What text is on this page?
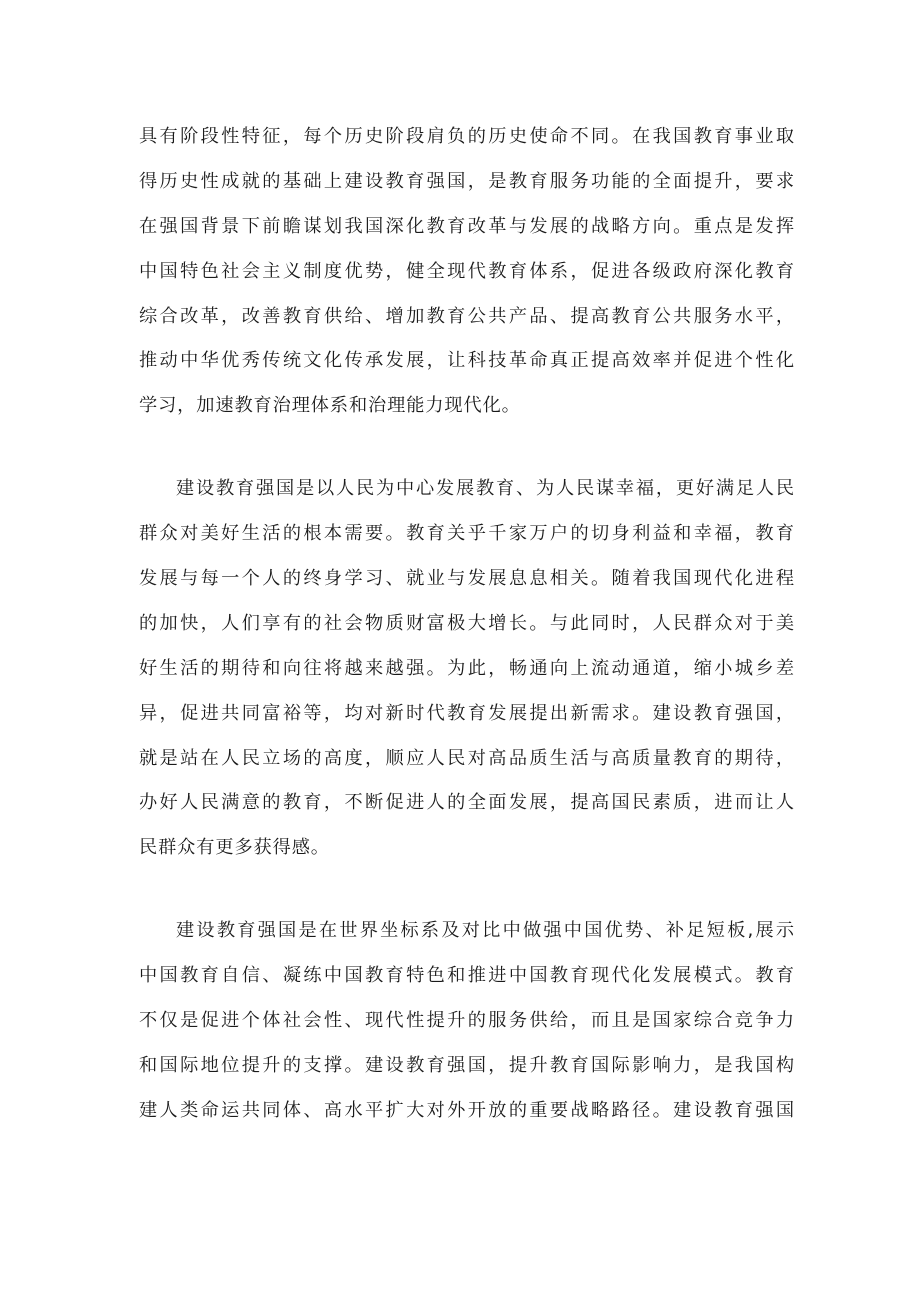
具有阶段性特征，每个历史阶段肩负的历史使命不同。在我国教育事业取
得历史性成就的基础上建设教育强国，是教育服务功能的全面提升，要求
在强国背景下前瞻谋划我国深化教育改革与发展的战略方向。重点是发挥
中国特色社会主义制度优势，健全现代教育体系，促进各级政府深化教育
综合改革，改善教育供给、增加教育公共产品、提高教育公共服务水平，
推动中华优秀传统文化传承发展，让科技革命真正提高效率并促进个性化
学习，加速教育治理体系和治理能力现代化。

建设教育强国是以人民为中心发展教育、为人民谋幸福，更好满足人民
群众对美好生活的根本需要。教育关乎千家万户的切身利益和幸福，教育
发展与每一个人的终身学习、就业与发展息息相关。随着我国现代化进程
的加快，人们享有的社会物质财富极大增长。与此同时，人民群众对于美
好生活的期待和向往将越来越强。为此，畅通向上流动通道，缩小城乡差
异，促进共同富裕等，均对新时代教育发展提出新需求。建设教育强国，
就是站在人民立场的高度，顺应人民对高品质生活与高质量教育的期待，
办好人民满意的教育，不断促进人的全面发展，提高国民素质，进而让人
民群众有更多获得感。

建设教育强国是在世界坐标系及对比中做强中国优势、补足短板,展示
中国教育自信、凝练中国教育特色和推进中国教育现代化发展模式。教育
不仅是促进个体社会性、现代性提升的服务供给，而且是国家综合竞争力
和国际地位提升的支撑。建设教育强国，提升教育国际影响力，是我国构
建人类命运共同体、高水平扩大对外开放的重要战略路径。建设教育强国
